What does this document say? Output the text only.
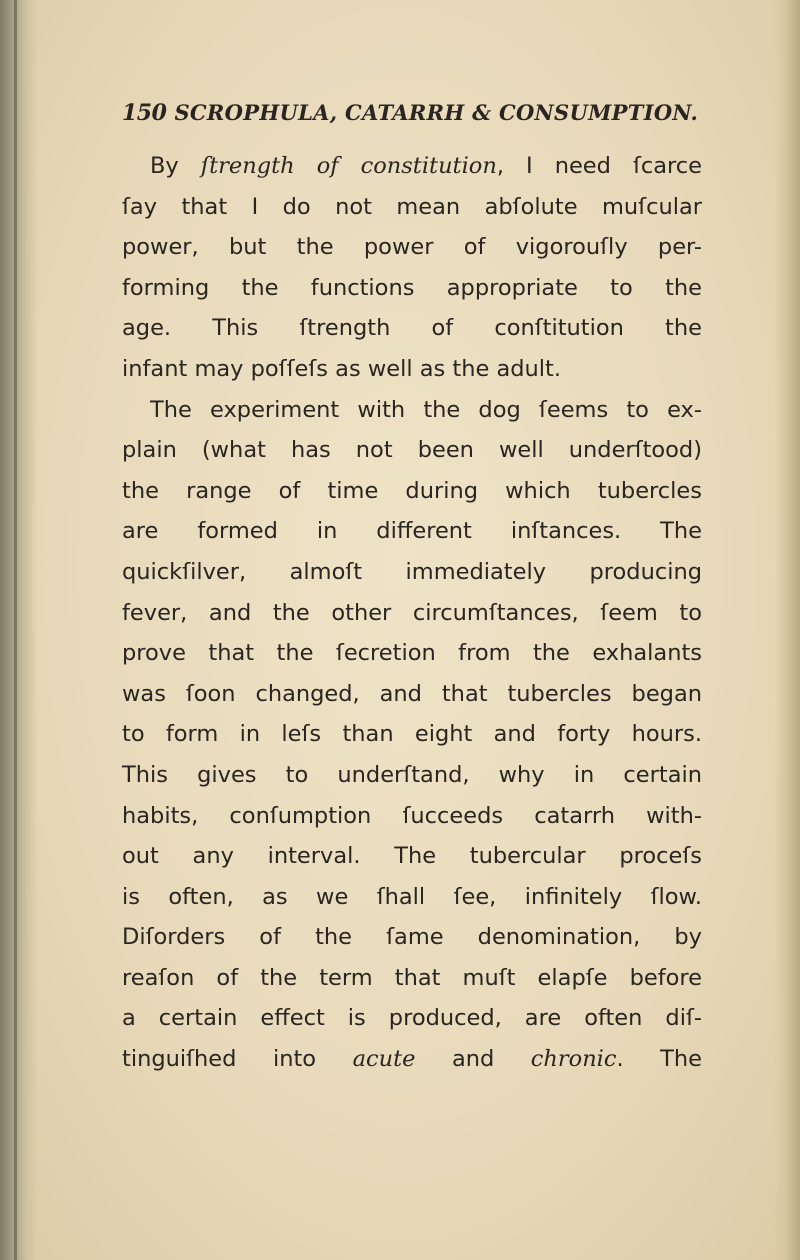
150 SCROPHULA, CATARRH & CONSUMPTION.
By ſtrength of constitution, I need ſcarce
ſay that I do not mean abſolute muſcular
power, but the power of vigorouſly per-
forming the functions appropriate to the
age. This ſtrength of conſtitution the
infant may poſſeſs as well as the adult.
The experiment with the dog ſeems to ex-
plain (what has not been well underſtood)
the range of time during which tubercles
are formed in different inſtances. The
quickſilver, almoſt immediately producing
fever, and the other circumſtances, ſeem to
prove that the ſecretion from the exhalants
was ſoon changed, and that tubercles began
to form in leſs than eight and forty hours.
This gives to underſtand, why in certain
habits, conſumption ſucceeds catarrh with-
out any interval. The tubercular proceſs
is often, as we ſhall ſee, infinitely ſlow.
Diſorders of the ſame denomination, by
reaſon of the term that muſt elapſe before
a certain effect is produced, are often diſ-
tinguiſhed into acute and chronic. The
